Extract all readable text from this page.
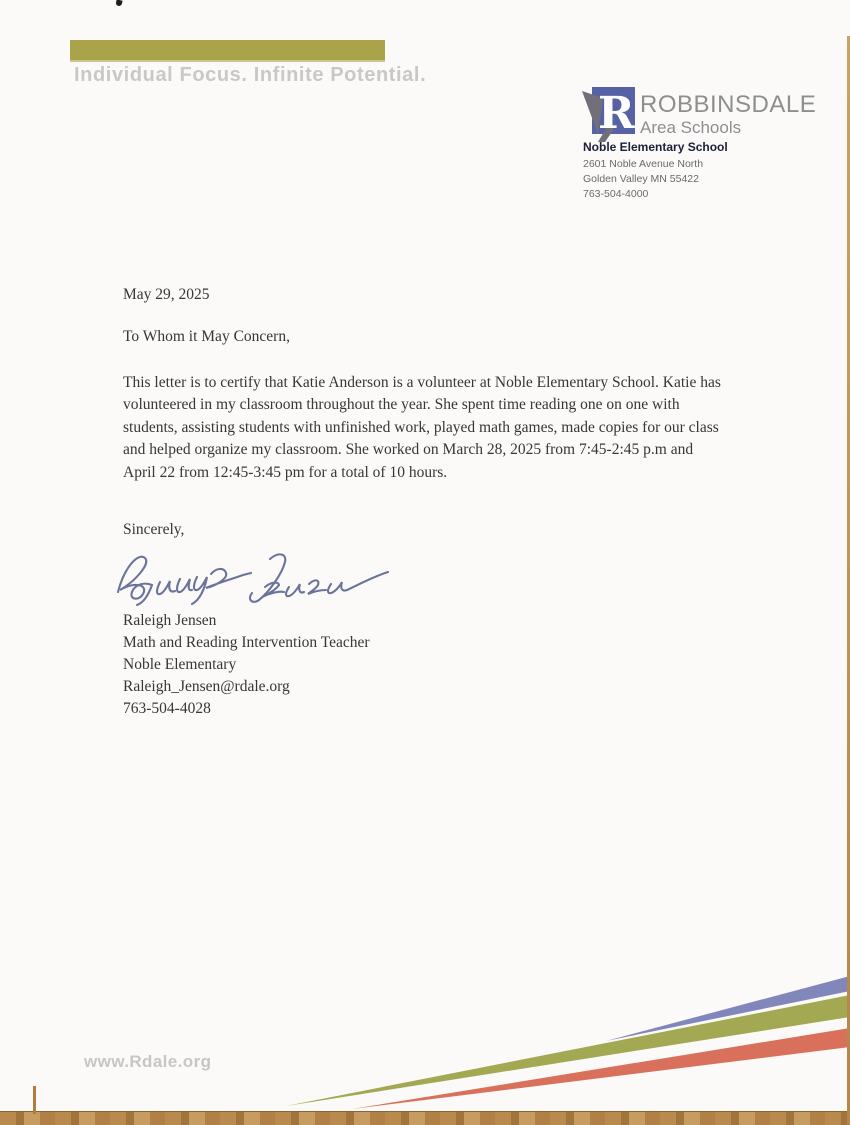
Individual Focus. Infinite Potential.
R ROBBINSDALE
Area Schools
Noble Elementary School
2601 Noble Avenue North
Golden Valley MN 55422
763-504-4000
May 29, 2025
To Whom it May Concern,
This letter is to certify that Katie Anderson is a volunteer at Noble Elementary School. Katie has volunteered in my classroom throughout the year. She spent time reading one on one with students, assisting students with unfinished work, played math games, made copies for our class and helped organize my classroom. She worked on March 28, 2025 from 7:45-2:45 p.m and April 22 from 12:45-3:45 pm for a total of 10 hours.
Sincerely,
Raleigh Jensen
Math and Reading Intervention Teacher
Noble Elementary
Raleigh_Jensen@rdale.org
763-504-4028
www.Rdale.org
